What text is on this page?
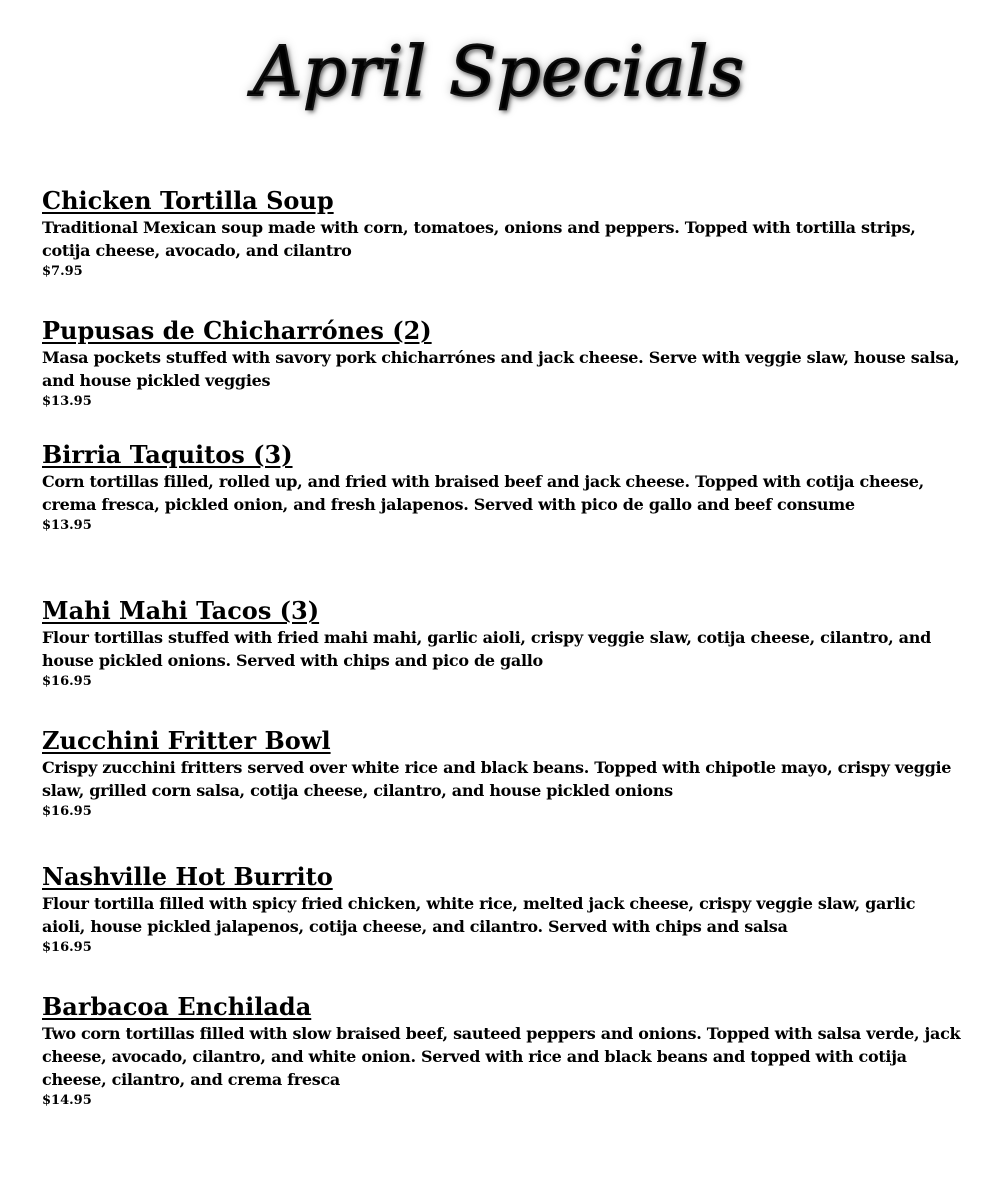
April Specials

Chicken Tortilla Soup

Traditional Mexican soup made with corn, tomatoes, onions and peppers. Topped with tortilla strips, cotija cheese, avocado, and cilantro

$7.95

Pupusas de Chicharrónes (2)

Masa pockets stuffed with savory pork chicharrónes and jack cheese. Serve with veggie slaw, house salsa, and house pickled veggies

$13.95

Birria Taquitos (3)

Corn tortillas filled, rolled up, and fried with braised beef and jack cheese. Topped with cotija cheese, crema fresca, pickled onion, and fresh jalapenos. Served with pico de gallo and beef consume

$13.95

Mahi Mahi Tacos (3)

Flour tortillas stuffed with fried mahi mahi, garlic aioli, crispy veggie slaw, cotija cheese, cilantro, and house pickled onions. Served with chips and pico de gallo

$16.95

Zucchini Fritter Bowl

Crispy zucchini fritters served over white rice and black beans. Topped with chipotle mayo, crispy veggie slaw, grilled corn salsa, cotija cheese, cilantro, and house pickled onions

$16.95

Nashville Hot Burrito

Flour tortilla filled with spicy fried chicken, white rice, melted jack cheese, crispy veggie slaw, garlic aioli, house pickled jalapenos, cotija cheese, and cilantro. Served with chips and salsa

$16.95

Barbacoa Enchilada

Two corn tortillas filled with slow braised beef, sauteed peppers and onions. Topped with salsa verde, jack cheese, avocado, cilantro, and white onion. Served with rice and black beans and topped with cotija cheese, cilantro, and crema fresca

$14.95
